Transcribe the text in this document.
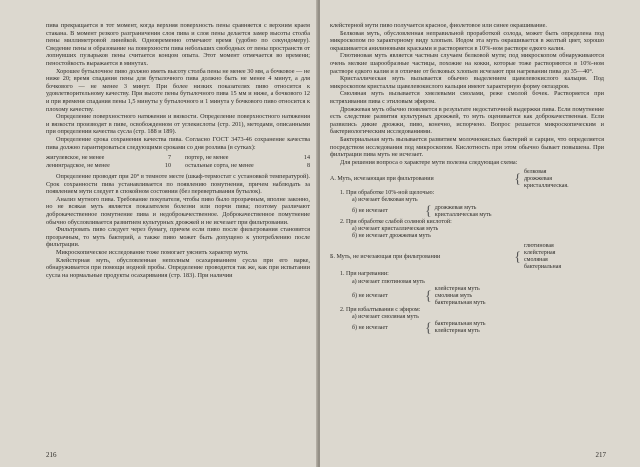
пива прекращается в тот момент, когда верхняя поверхность пены сравняется с верхним краем стакана. В момент резкого разграничения слоя пива и слоя пены делается замер высоты столба пены миллиметровой линейкой. Одновременно отмечают время (удобно по секундомеру). Сведение пены и образование на поверхности пива небольших свободных от пены пространств от лопнувших пузырьков пены считается концом опыта. Этот момент отмечается во времени; пеностойкость выражается в минутах.

Хорошее бутылочное пиво должно иметь высоту столба пены не менее 30 мм, а бочковое — не ниже 20; время спадания пены для бутылочного пива должно быть не менее 4 минут, а для бочкового — не менее 3 минут. При более низких показателях пиво относится к удовлетворительному качеству. При высоте пены бутылочного пива 15 мм и ниже, а бочкового 12 и при времени спадания пены 1,5 минуты у бутылочного и 1 минута у бочкового пиво относится к плохому качеству.

Определение поверхностного натяжения и вязкости. Определение поверхностного натяжения и вязкости производят в пиве, освобожденном от углекислоты (стр. 201), методами, описанными при определении качества сусла (стр. 188 и 189).

Определение срока сохранения качества пива. Согласно ГОСТ 3473-46 сохранение качества пива должно гарантироваться следующими сроками со дня розлива (в сутках):

жигулевское, не менее	7 портер, не менее	14
ленинградское, не менее	10 остальные сорта, не менее	8

Определение проводят при 20° в темноте месте (шкаф-термостат с установкой температурой). Срок сохранности пива устанавливается по появлению помутнения, причем наблюдать за появлением мути следует в спокойном состоянии (без перевертывания бутылок).

Анализ мутного пива. Требование покупателя, чтобы пиво было прозрачным, вполне законно, но не всякая муть является показателем болезни или порчи пива; поэтому различают доброкачественное помутнение пива и недоброкачественное. Доброкачественное помутнение обычно обусловливается развитием культурных дрожжей и не исчезает при фильтровании.

Фильтровать пиво следует через бумагу, причем если пиво после фильтрования становится прозрачным, то муть бактерий, а также пиво может быть допущено к употреблению после фильтрации.

Микроскопическое исследование тоже помогает уяснить характер мути.

Клейстерная муть, обусловленная неполным осахариванием сусла при его варке, обнаруживается при помощи иодной пробы. Определение проводится так же, как при испытании сусла на нормальные продукты осахаривания (стр. 183). При наличии

216

клейстерной мути пиво получается красное, фиолетовое или синее окрашивание.

Белковая муть, обусловленная неправильной проработкой солода, может быть определена под микроскопом по характерному виду хлопьев. Иодом эта муть окрашивается в желтый цвет, хорошо окрашивается анилиновыми красками и растворяется в 10%-ном растворе едкого калия.

Глютиновая муть является частным случаем белковой мути; под микроскопом обнаруживаются очень мелкие шарообразные частицы, похожие на кокки, которые тоже растворяются в 10%-ном растворе едкого калия и в отличие от белковых хлопьев исчезают при нагревании пива до 35—40°.

Кристаллическая муть вызывается обычно выделением щавелевокислого кальция. Под микроскопом кристаллы щавелевокислого кальция имеют характерную форму октаэдров.

Смоляная муть вызывается хмелевыми смолами, реже смолой бочек. Растворяется при встряхивании пива с этиловым эфиром.

Дрожжевая муть обычно появляется в результате недостаточной выдержки пива. Если помутнение есть следствие развития культурных дрожжей, то муть оценивается как доброкачественная. Если развились дикие дрожжи, пиво, конечно, испорчено. Вопрос решается микроскопическим и бактериологическим исследованиями.

Бактериальная муть вызывается развитием молочнокислых бактерий и сарцин, что определяется посредством исследования под микроскопом. Кислотность при этом обычно бывает повышена. При фильтрации пива муть не исчезает.

Для решения вопроса о характере мути полезна следующая схема:

А. Муть, исчезающая при фильтровании	{ белковая
дрожжевая
кристаллическая.
1. При обработке 10%-ной щелочью:
а) исчезает белковая муть
б) не исчезает	{ дрожжевая муть
кристаллическая муть
2. При обработке слабой соляной кислотой:
а) исчезает кристаллическая муть
б) не исчезает дрожжевая муть
Б. Муть, не исчезающая при фильтровании	{
глютиновая
клейстерная
смоляная
бактериальная
1. При нагревании:
а) исчезает глютиновая муть
б) не исчезает	{ клейстерная муть
смоляная муть
бактериальная муть
2. При взбалтывании с эфиром:
а) исчезает смоляная муть
б) не исчезает	{ бактериальная муть
клейстерная муть
217
